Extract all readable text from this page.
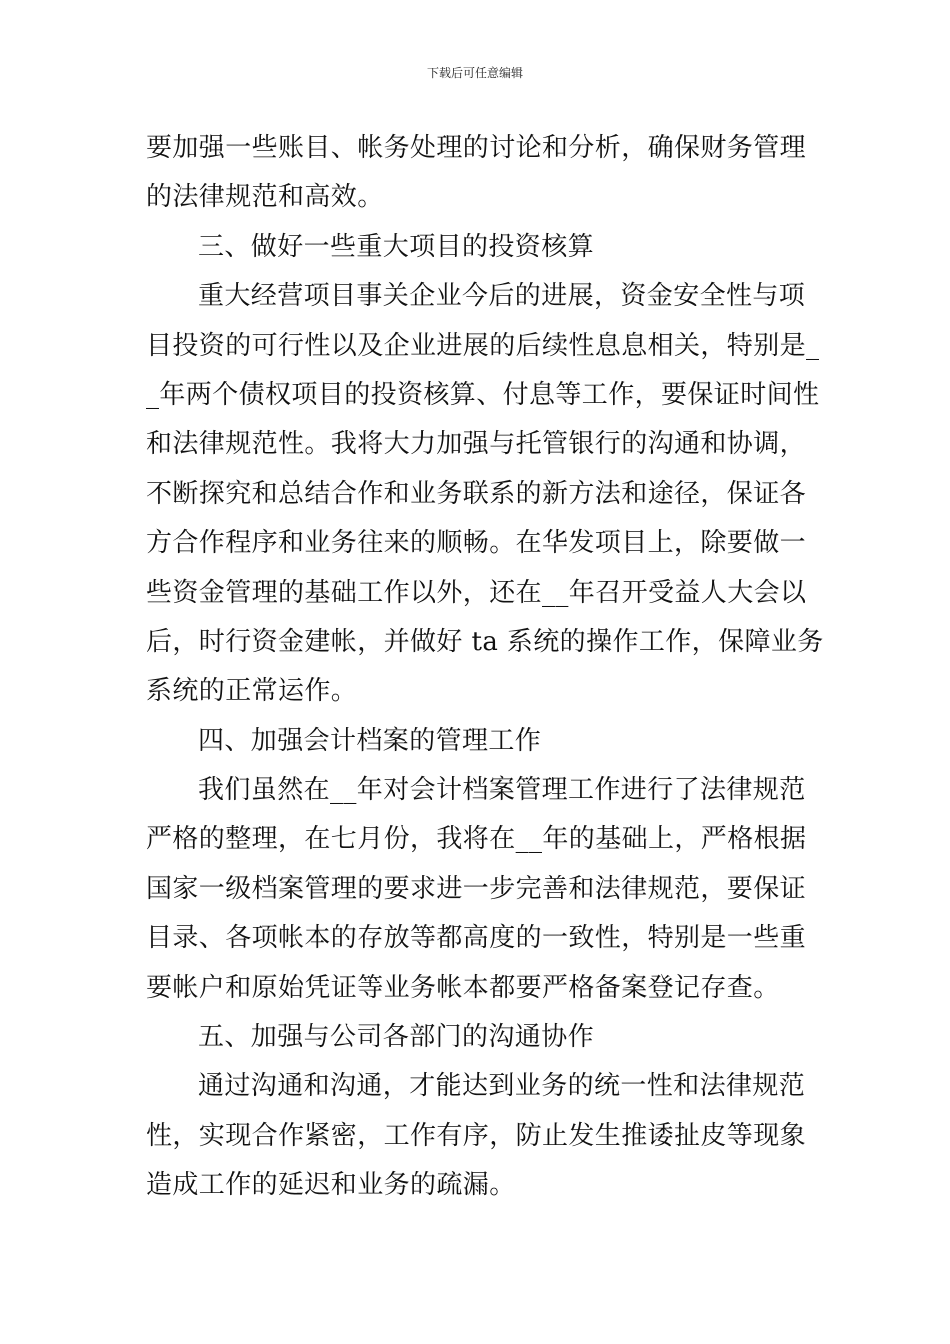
下载后可任意编辑
要加强一些账目、帐务处理的讨论和分析，确保财务管理
的法律规范和高效。
三、做好一些重大项目的投资核算
重大经营项目事关企业今后的进展，资金安全性与项
目投资的可行性以及企业进展的后续性息息相关，特别是_
_年两个债权项目的投资核算、付息等工作，要保证时间性
和法律规范性。我将大力加强与托管银行的沟通和协调，
不断探究和总结合作和业务联系的新方法和途径，保证各
方合作程序和业务往来的顺畅。在华发项目上，除要做一
些资金管理的基础工作以外，还在__年召开受益人大会以
后，时行资金建帐，并做好 ta 系统的操作工作，保障业务
系统的正常运作。
四、加强会计档案的管理工作
我们虽然在__年对会计档案管理工作进行了法律规范
严格的整理，在七月份，我将在__年的基础上，严格根据
国家一级档案管理的要求进一步完善和法律规范，要保证
目录、各项帐本的存放等都高度的一致性，特别是一些重
要帐户和原始凭证等业务帐本都要严格备案登记存查。
五、加强与公司各部门的沟通协作
通过沟通和沟通，才能达到业务的统一性和法律规范
性，实现合作紧密，工作有序，防止发生推诿扯皮等现象
造成工作的延迟和业务的疏漏。
